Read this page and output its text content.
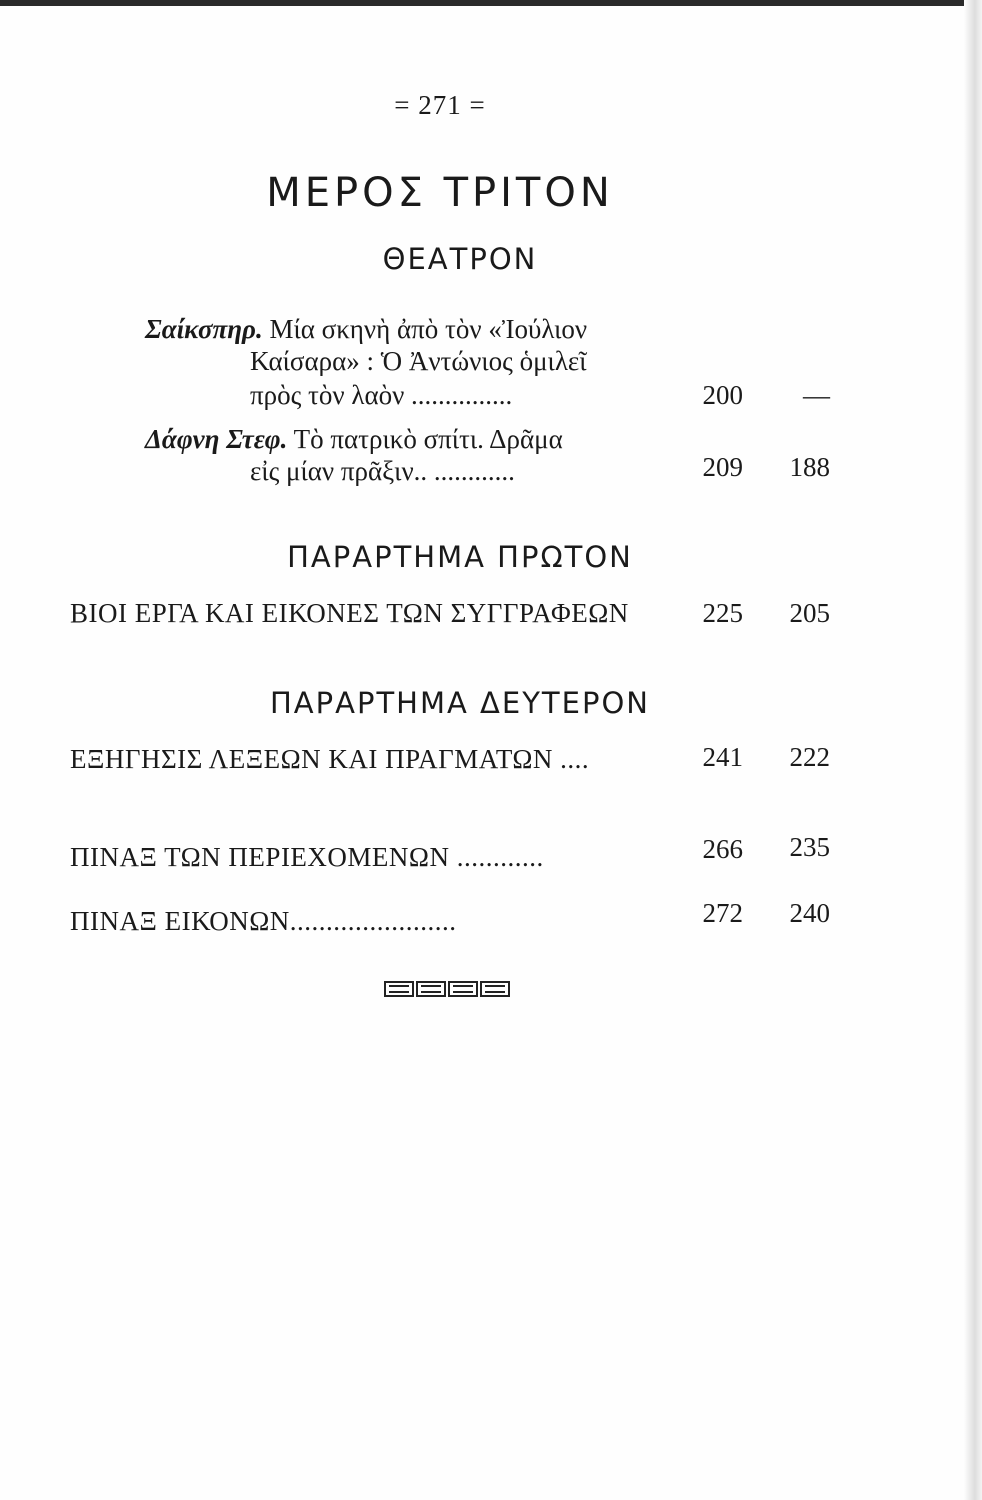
= 271 =
ΜΕΡΟΣ ΤΡΙΤΟΝ
ΘΕΑΤΡΟΝ
Σαίκσπηρ. Μία σκηνὴ ἀπὸ τὸν «Ἰούλιον
Καίσαρα» : Ὁ Ἀντώνιος ὁμιλεῖ
πρὸς τὸν λαὸν ...............	200	—
Δάφνη Στεφ. Τὸ πατρικὸ σπίτι. Δρᾶμα
εἰς μίαν πρᾶξιν.. ............	209	188
ΠΑΡΑΡΤΗΜΑ ΠΡΩΤΟΝ
ΒΙΟΙ ΕΡΓΑ ΚΑΙ ΕΙΚΟΝΕΣ ΤΩΝ ΣΥΓΓΡΑΦΕΩΝ	225	205
ΠΑΡΑΡΤΗΜΑ ΔΕΥΤΕΡΟΝ
ΕΞΗΓΗΣΙΣ ΛΕΞΕΩΝ ΚΑΙ ΠΡΑΓΜΑΤΩΝ ....	241	222
ΠΙΝΑΞ ΤΩΝ ΠΕΡΙΕΧΟΜΕΝΩΝ ............	266	235
ΠΙΝΑΞ ΕΙΚΟΝΩΝ.......................	272	240
